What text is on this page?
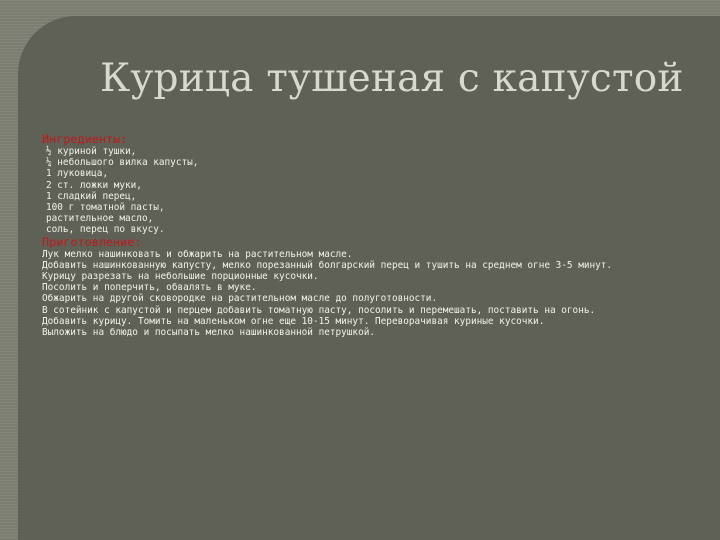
Курица тушеная с капустой
Ингредиенты:
½ куриной тушки,
¼ небольшого вилка капусты,
1 луковица,
2 ст. ложки муки,
1 сладкий перец,
100 г томатной пасты,
растительное масло,
соль, перец по вкусу.
Приготовление:
Лук мелко нашинковать и обжарить на растительном масле.
Добавить нашинкованную капусту, мелко порезанный болгарский перец и тушить на среднем огне 3-5 минут.
Курицу разрезать на небольшие порционные кусочки.
Посолить и поперчить, обвалять в муке.
Обжарить на другой сковородке на растительном масле до полуготовности.
В сотейник с капустой и перцем добавить томатную пасту, посолить и перемешать, поставить на огонь.
Добавить курицу. Томить на маленьком огне еще 10-15 минут. Переворачивая куриные кусочки.
Выложить на блюдо и посыпать мелко нашинкованной петрушкой.
